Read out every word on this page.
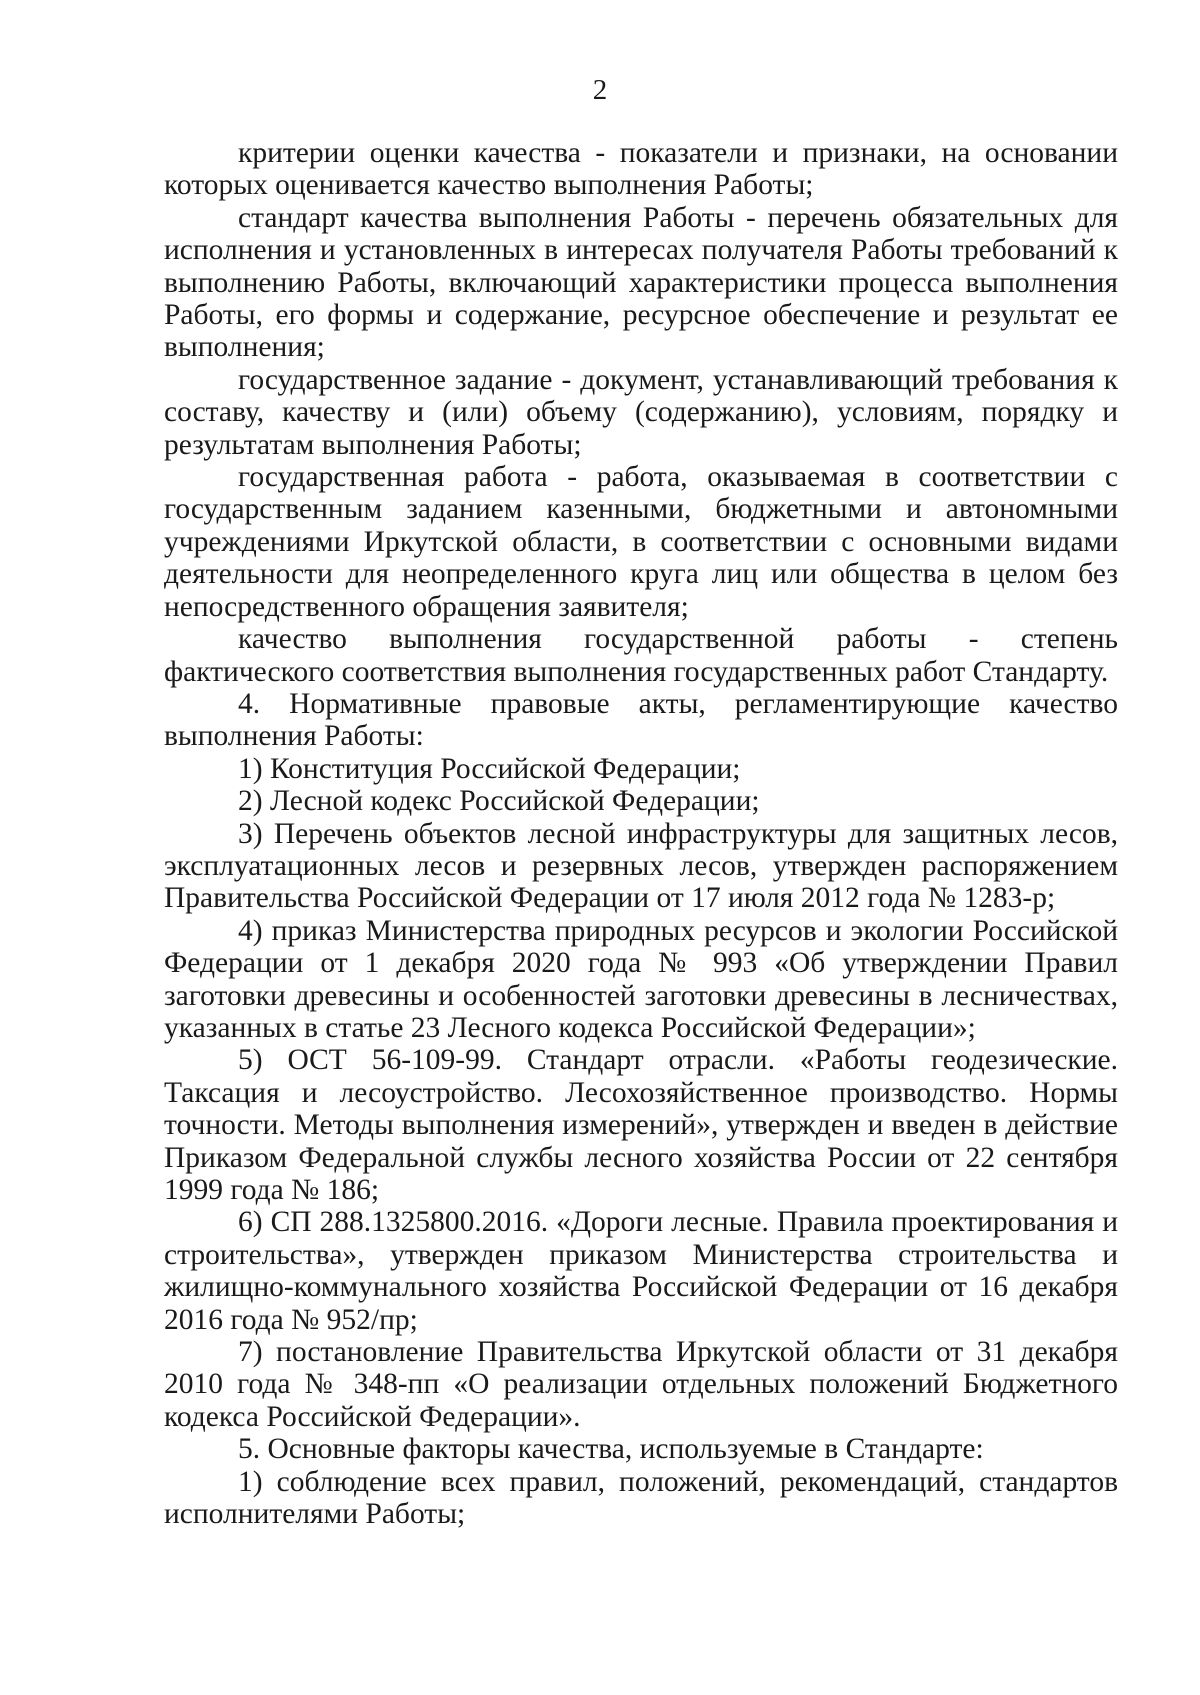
2

критерии оценки качества - показатели и признаки, на основании которых оценивается качество выполнения Работы;

стандарт качества выполнения Работы - перечень обязательных для исполнения и установленных в интересах получателя Работы требований к выполнению Работы, включающий характеристики процесса выполнения Работы, его формы и содержание, ресурсное обеспечение и результат ее выполнения;

государственное задание - документ, устанавливающий требования к составу, качеству и (или) объему (содержанию), условиям, порядку и результатам выполнения Работы;

государственная работа - работа, оказываемая в соответствии с государственным заданием казенными, бюджетными и автономными учреждениями Иркутской области, в соответствии с основными видами деятельности для неопределенного круга лиц или общества в целом без непосредственного обращения заявителя;

качество выполнения государственной работы - степень фактического соответствия выполнения государственных работ Стандарту.

4. Нормативные правовые акты, регламентирующие качество выполнения Работы:

1) Конституция Российской Федерации;

2) Лесной кодекс Российской Федерации;

3) Перечень объектов лесной инфраструктуры для защитных лесов, эксплуатационных лесов и резервных лесов, утвержден распоряжением Правительства Российской Федерации от 17 июля 2012 года № 1283-р;

4) приказ Министерства природных ресурсов и экологии Российской Федерации от 1 декабря 2020 года № 993 «Об утверждении Правил заготовки древесины и особенностей заготовки древесины в лесничествах, указанных в статье 23 Лесного кодекса Российской Федерации»;

5) ОСТ 56-109-99. Стандарт отрасли. «Работы геодезические. Таксация и лесоустройство. Лесохозяйственное производство. Нормы точности. Методы выполнения измерений», утвержден и введен в действие Приказом Федеральной службы лесного хозяйства России от 22 сентября 1999 года № 186;

6) СП 288.1325800.2016. «Дороги лесные. Правила проектирования и строительства», утвержден приказом Министерства строительства и жилищно-коммунального хозяйства Российской Федерации от 16 декабря 2016 года № 952/пр;

7) постановление Правительства Иркутской области от 31 декабря 2010 года № 348-пп «О реализации отдельных положений Бюджетного кодекса Российской Федерации».

5. Основные факторы качества, используемые в Стандарте:

1) соблюдение всех правил, положений, рекомендаций, стандартов исполнителями Работы;
